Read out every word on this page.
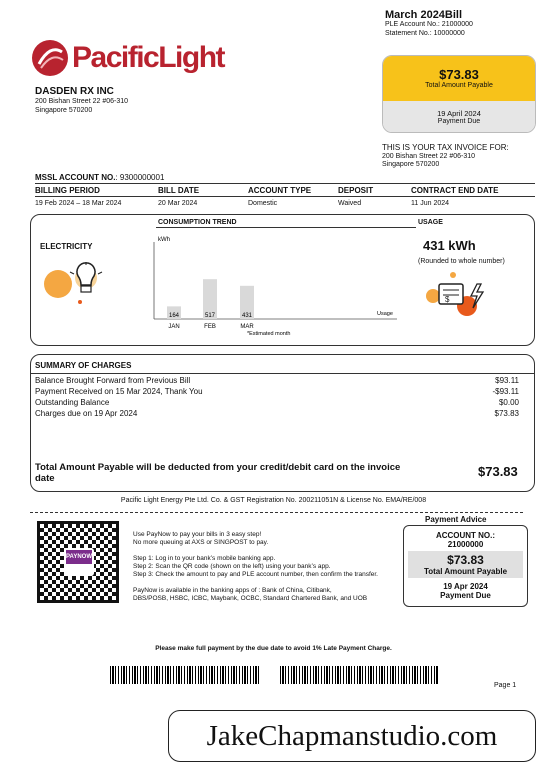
March 2024Bill
PLE Account No.: 21000000
Statement No.: 10000000
PacificLight
DASDEN RX INC
200 Bishan Street 22 #06-310
Singapore 570200
$73.83
Total Amount Payable
19 April 2024
Payment Due
THIS IS YOUR TAX INVOICE FOR:
200 Bishan Street 22 #06-310
Singapore 570200
MSSL ACCOUNT NO.: 9300000001
BILLING PERIOD	BILL DATE	ACCOUNT TYPE	DEPOSIT	CONTRACT END DATE
19 Feb 2024 – 18 Mar 2024	20 Mar 2024	Domestic	Waived	11 Jun 2024
CONSUMPTION TREND	USAGE
ELECTRICITY
kWh
164
JAN
517
FEB
431
MAR
Usage
*Estimated month
431 kWh
(Rounded to whole number)
$
SUMMARY OF CHARGES
Balance Brought Forward from Previous Bill	$93.11
Payment Received on 15 Mar 2024, Thank You	-$93.11
Outstanding Balance	$0.00
Charges due on 19 Apr 2024	$73.83
Total Amount Payable will be deducted from your credit/debit card on the invoice date	$73.83
Pacific Light Energy Pte Ltd. Co. & GST Registration No. 200211051N & License No. EMA/RE/008
PAYNOW
Use PayNow to pay your bills in 3 easy step!
No more queuing at AXS or SINGPOST to pay.
Step 1: Log in to your bank’s mobile banking app.
Step 2: Scan the QR code (shown on the left) using your bank’s app.
Step 3: Check the amount to pay and PLE account number, then confirm the transfer.
PayNow is available in the banking apps of : Bank of China, Citibank,
DBS/POSB, HSBC, ICBC, Maybank, OCBC, Standard Chartered Bank, and UOB
Payment Advice
ACCOUNT NO.:
21000000
$73.83
Total Amount Payable
19 Apr 2024
Payment Due
Please make full payment by the due date to avoid 1% Late Payment Charge.
Page 1
JakeChapmanstudio.com
